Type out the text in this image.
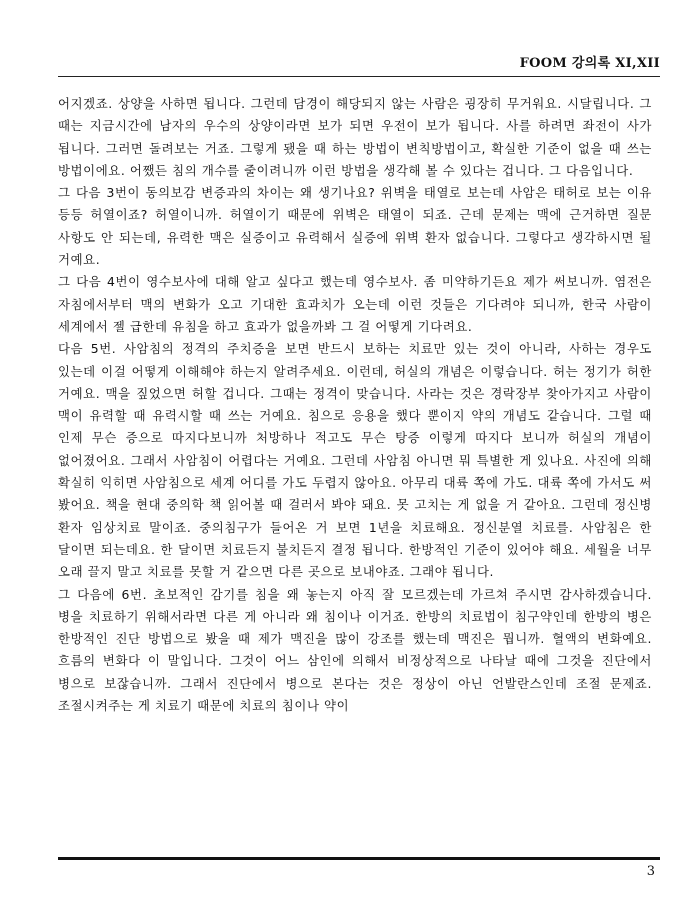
FOOM 강의록 XI,XII

어지겠죠. 상양을 사하면 됩니다. 그런데 담경이 해당되지 않는 사람은 굉장히 무거워요. 시달립니다. 그 때는 지금시간에 남자의 우수의 상양이라면 보가 되면 우전이 보가 됩니다. 사를 하려면 좌전이 사가 됩니다. 그러면 돌려보는 거죠. 그렇게 됐을 때 하는 방법이 변칙방법이고, 확실한 기준이 없을 때 쓰는 방법이에요. 어쨌든 침의 개수를 줄이려니까 이런 방법을 생각해 볼 수 있다는 겁니다. 그 다음입니다.

그 다음 3번이 동의보감 변증과의 차이는 왜 생기나요? 위벽을 태열로 보는데 사암은 태허로 보는 이유 등등 허열이죠? 허열이니까. 허열이기 때문에 위벽은 태열이 되죠. 근데 문제는 맥에 근거하면 질문 사항도 안 되는데, 유력한 맥은 실증이고 유력해서 실증에 위벽 환자 없습니다. 그렇다고 생각하시면 될 거예요.

그 다음 4번이 영수보사에 대해 알고 싶다고 했는데 영수보사. 좀 미약하기든요 제가 써보니까. 염전은 자침에서부터 맥의 변화가 오고 기대한 효과치가 오는데 이런 것들은 기다려야 되니까, 한국 사람이 세계에서 젤 급한데 유침을 하고 효과가 없을까봐 그 걸 어떻게 기다려요.

다음 5번. 사암침의 정격의 주치증을 보면 반드시 보하는 치료만 있는 것이 아니라, 사하는 경우도 있는데 이걸 어떻게 이해해야 하는지 알려주세요. 이런데, 허실의 개념은 이렇습니다. 허는 정기가 허한 거예요. 맥을 짚었으면 허할 겁니다. 그때는 정격이 맞습니다. 사라는 것은 경락장부 찾아가지고 사람이 맥이 유력할 때 유력시할 때 쓰는 거예요. 침으로 응용을 했다 뿐이지 약의 개념도 같습니다. 그럴 때 인제 무슨 증으로 따지다보니까 처방하나 적고도 무슨 탕증 이렇게 따지다 보니까 허실의 개념이 없어졌어요. 그래서 사암침이 어렵다는 거예요. 그런데 사암침 아니면 뭐 특별한 게 있나요. 사진에 의해 확실히 익히면 사암침으로 세계 어디를 가도 두렵지 않아요. 아무리 대륙 쪽에 가도. 대륙 쪽에 가서도 써 봤어요. 책을 현대 중의학 책 읽어볼 때 걸러서 봐야 돼요. 못 고치는 게 없을 거 같아요. 그런데 정신병 환자 임상치료 말이죠. 중의침구가 들어온 거 보면 1년을 치료해요. 정신분열 치료를. 사암침은 한 달이면 되는데요. 한 달이면 치료든지 불치든지 결정 됩니다. 한방적인 기준이 있어야 해요. 세월을 너무 오래 끌지 말고 치료를 못할 거 같으면 다른 곳으로 보내야죠. 그래야 됩니다.

그 다음에 6번. 초보적인 감기를 침을 왜 놓는지 아직 잘 모르겠는데 가르쳐 주시면 감사하겠습니다. 병을 치료하기 위해서라면 다른 게 아니라 왜 침이나 이거죠. 한방의 치료법이 침구약인데 한방의 병은 한방적인 진단 방법으로 봤을 때 제가 맥진을 많이 강조를 했는데 맥진은 뭡니까. 혈액의 변화예요. 흐름의 변화다 이 말입니다. 그것이 어느 삼인에 의해서 비정상적으로 나타날 때에 그것을 진단에서 병으로 보잖습니까. 그래서 진단에서 병으로 본다는 것은 정상이 아닌 언발란스인데 조절 문제죠. 조절시켜주는 게 치료기 때문에 치료의 침이나 약이

3
